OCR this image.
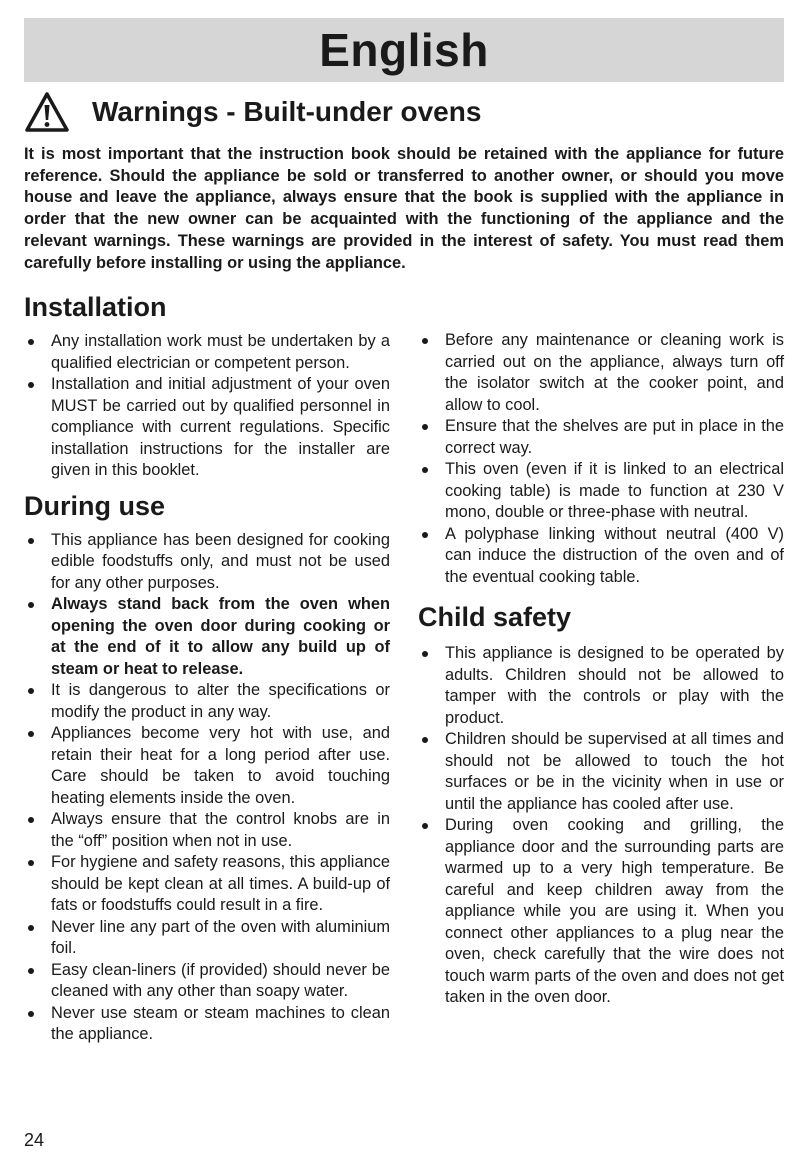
English
Warnings - Built-under ovens

It is most important that the instruction book should be retained with the appliance for future reference. Should the appliance be sold or transferred to another owner, or should you move house and leave the appliance, always ensure that the book is supplied with the appliance in order that the new owner can be acquainted with the functioning of the appliance and the relevant warnings. These warnings are provided in the interest of safety. You must read them carefully before installing or using the appliance.

Installation
Any installation work must be undertaken by a qualified electrician or competent person.
Installation and initial adjustment of your oven MUST be carried out by qualified personnel in compliance with current regulations. Specific installation instructions for the installer are given in this booklet.
During use
This appliance has been designed for cooking edible foodstuffs only, and must not be used for any other purposes.
Always stand back from the oven when opening the oven door during cooking or at the end of it to allow any build up of steam or heat to release.
It is dangerous to alter the specifications or modify the product in any way.
Appliances become very hot with use, and retain their heat for a long period after use. Care should be taken to avoid touching heating elements inside the oven.
Always ensure that the control knobs are in the “off” position when not in use.
For hygiene and safety reasons, this appliance should be kept clean at all times. A build-up of fats or foodstuffs could result in a fire.
Never line any part of the oven with aluminium foil.
Easy clean-liners (if provided) should never be cleaned with any other than soapy water.
Never use steam or steam machines to clean the appliance.
Before any maintenance or cleaning work is carried out on the appliance, always turn off the isolator switch at the cooker point, and allow to cool.
Ensure that the shelves are put in place in the correct way.
This oven (even if it is linked to an electrical cooking table) is made to function at 230 V mono, double or three-phase with neutral.
A polyphase linking without neutral (400 V) can induce the distruction of the oven and of the eventual cooking table.
Child safety
This appliance is designed to be operated by adults. Children should not be allowed to tamper with the controls or play with the product.
Children should be supervised at all times and should not be allowed to touch the hot surfaces or be in the vicinity when in use or until the appliance has cooled after use.
During oven cooking and grilling, the appliance door and the surrounding parts are warmed up to a very high temperature. Be careful and keep children away from the appliance while you are using it. When you connect other appliances to a plug near the oven, check carefully that the wire does not touch warm parts of the oven and does not get taken in the oven door.
24
